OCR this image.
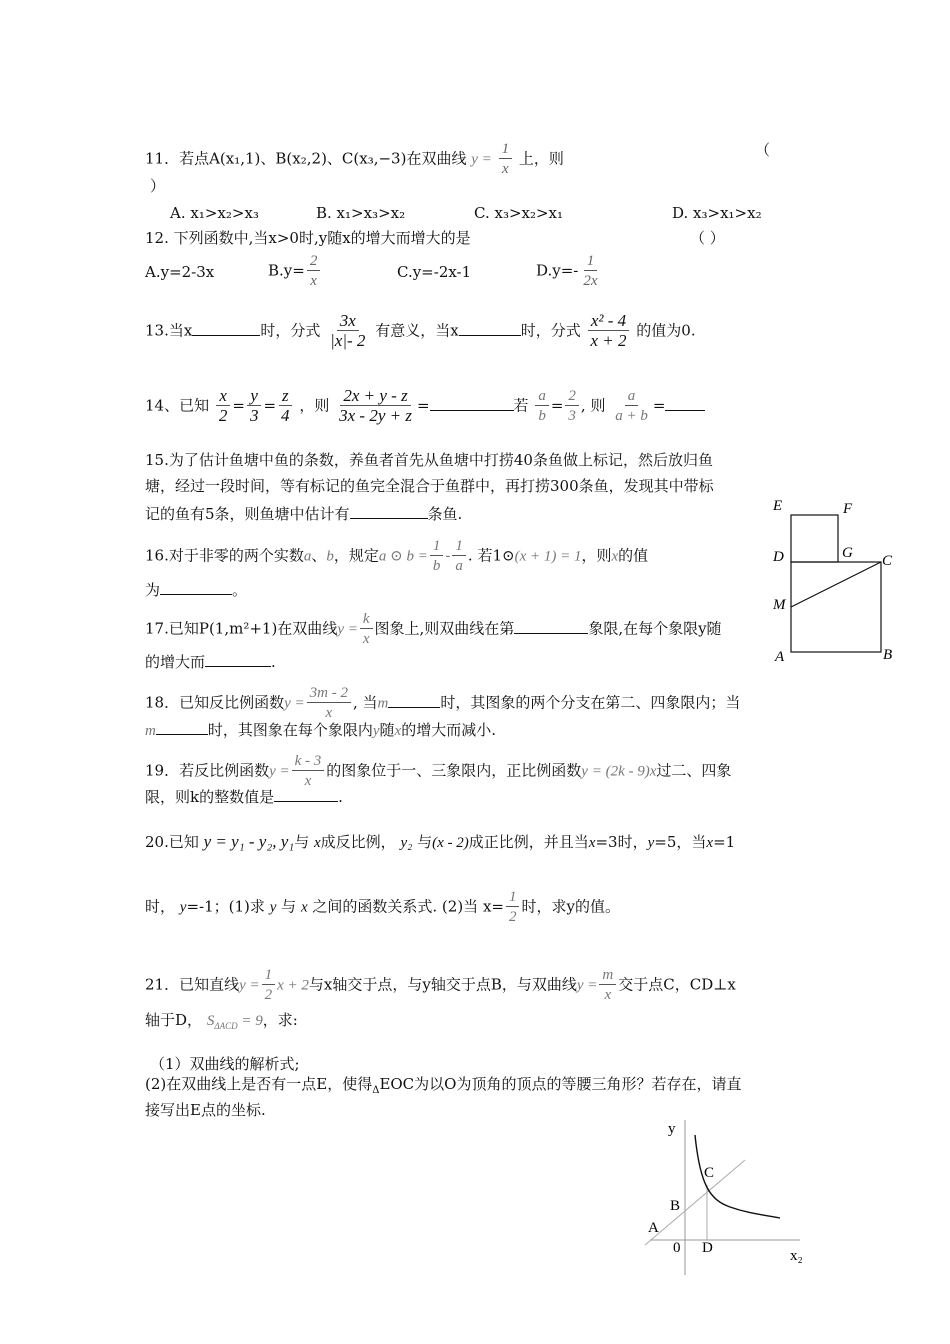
11．若点A(x₁,1)、B(x₂,2)、C(x₃,−3)在双曲线 $y = \frac{1}{x}$ 上，则	（
）
A. x₁>x₂>x₃	B. x₁>x₃>x₂	C. x₃>x₂>x₁	D. x₃>x₁>x₂
12. 下列函数中,当x>0时,y随x的增大而增大的是	（ ）
A.y=2-3x	$B.y= \frac{2}{x}$	C.y=-2x-1	$D.y=- \frac{1}{2x}$
13.当x	时，分式 $\frac{3x}{|x|- 2}$ 有意义，当x	时，分式 $\frac{\text{x² - 4}}{x + 2}$ 的值为0.
14、已知 $\frac{x}{2} = \frac{y}{3} = \frac{z}{4}$ ，则 $\frac{2x + y - z}{3x - 2y + z}$ =	若 $\frac{a}{b} = \frac{2}{3}$ , 则 $\frac{a}{a + b}$ =
15.为了估计鱼塘中鱼的条数，养鱼者首先从鱼塘中打捞40条鱼做上标记，然后放归鱼
塘，经过一段时间，等有标记的鱼完全混合于鱼群中，再打捞300条鱼，发现其中带标
记的鱼有5条，则鱼塘中估计有	条鱼.
16.对于非零的两个实数a、b，规定a ⊙ $b = \frac{1}{b} - \frac{1}{a}$ . 若1⊙(x + 1) = 1，则x的值
为	。
17.已知P(1,m²+1)在双曲线$y = \frac{k}{x}$ 图象上,则双曲线在第	象限,在每个象限y随
的增大而	.
18．已知反比例函数$y = \frac{3m - 2}{x}$ , 当m	时，其图象的两个分支在第二、四象限内；当
m	时，其图象在每个象限内y随x的增大而减小.
19．若反比例函数$y = \frac{k - 3}{x}$ 的图象位于一、三象限内，正比例函数y = (2k - 9)x过二、四象
限，则k的整数值是	.
20.已知 y = y₁ - y₂, y₁与 x成反比例， y₂ 与(x - 2)成正比例，并且当x=3时，y=5，当x=1
时， y=-1；(1)求 y 与 x 之间的函数关系式. (2)当 $x= \frac{1}{2}$ 时，求y的值。
21．已知直线$y = \frac{1}{2}$ x + 2与x轴交于点，与y轴交于点B，与双曲线$y = \frac{m}{x}$ 交于点C，CD⊥x
轴于D， $S_{\Delta ACD} = 9$，求:
（1）双曲线的解析式;
(2)在双曲线上是否有一点E，使得$_\Delta$EOC为以O为顶角的顶点的等腰三角形？若存在，请直
接写出E点的坐标.
E	F
D	G C
M
A	B
y
C
B
A
0 D	x₂
